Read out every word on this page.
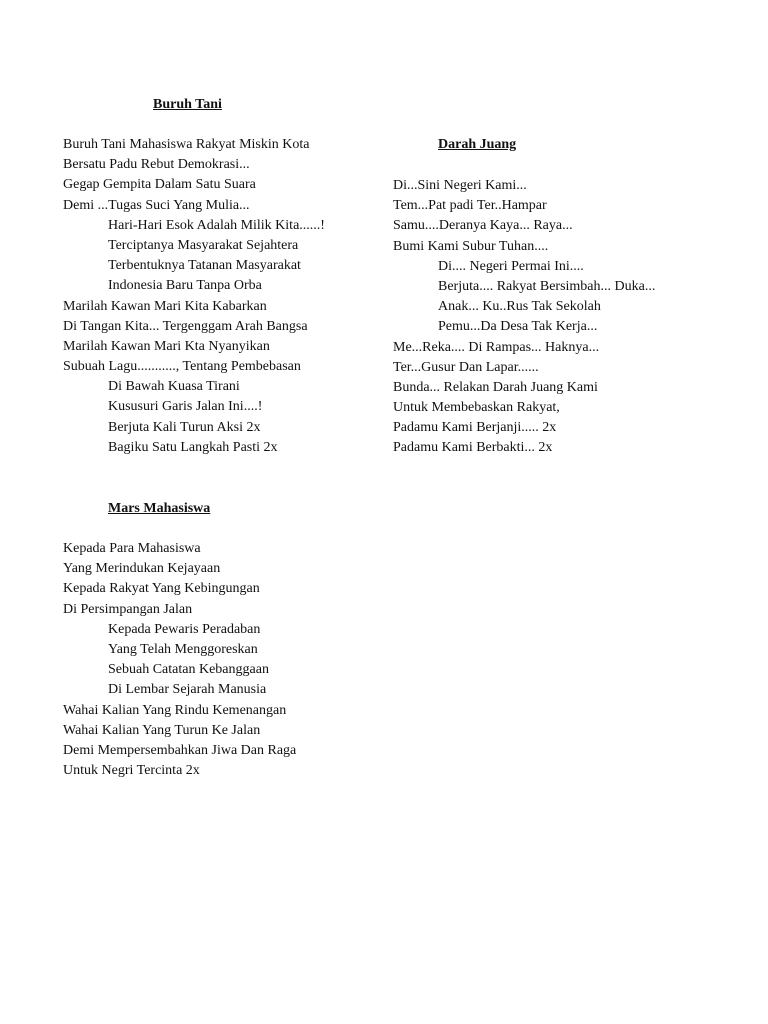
Buruh Tani
Buruh Tani Mahasiswa Rakyat Miskin Kota
Bersatu Padu Rebut Demokrasi...
Gegap Gempita Dalam Satu Suara
Demi ...Tugas Suci Yang Mulia...
Hari-Hari Esok Adalah Milik Kita......!
Terciptanya Masyarakat Sejahtera
Terbentuknya Tatanan Masyarakat
Indonesia Baru Tanpa Orba
Marilah Kawan Mari Kita Kabarkan
Di Tangan Kita... Tergenggam Arah Bangsa
Marilah Kawan Mari Kta Nyanyikan
Subuah Lagu..........., Tentang Pembebasan
Di Bawah Kuasa Tirani
Kususuri Garis Jalan Ini....!
Berjuta Kali Turun Aksi 2x
Bagiku Satu Langkah Pasti 2x
Darah Juang
Di...Sini Negeri Kami...
Tem...Pat padi Ter..Hampar
Samu....Deranya Kaya... Raya...
Bumi Kami Subur Tuhan....
Di.... Negeri Permai Ini....
Berjuta.... Rakyat Bersimbah... Duka...
Anak... Ku..Rus Tak Sekolah
Pemu...Da Desa Tak Kerja...
Me...Reka.... Di Rampas... Haknya...
Ter...Gusur Dan Lapar......
Bunda... Relakan Darah Juang Kami
Untuk Membebaskan Rakyat,
Padamu Kami Berjanji..... 2x
Padamu Kami Berbakti... 2x
Mars Mahasiswa
Kepada Para Mahasiswa
Yang Merindukan Kejayaan
Kepada Rakyat Yang Kebingungan
Di Persimpangan Jalan
Kepada Pewaris Peradaban
Yang Telah Menggoreskan
Sebuah Catatan Kebanggaan
Di Lembar Sejarah Manusia
Wahai Kalian Yang Rindu Kemenangan
Wahai Kalian Yang Turun Ke Jalan
Demi Mempersembahkan Jiwa Dan Raga
Untuk Negri Tercinta 2x
